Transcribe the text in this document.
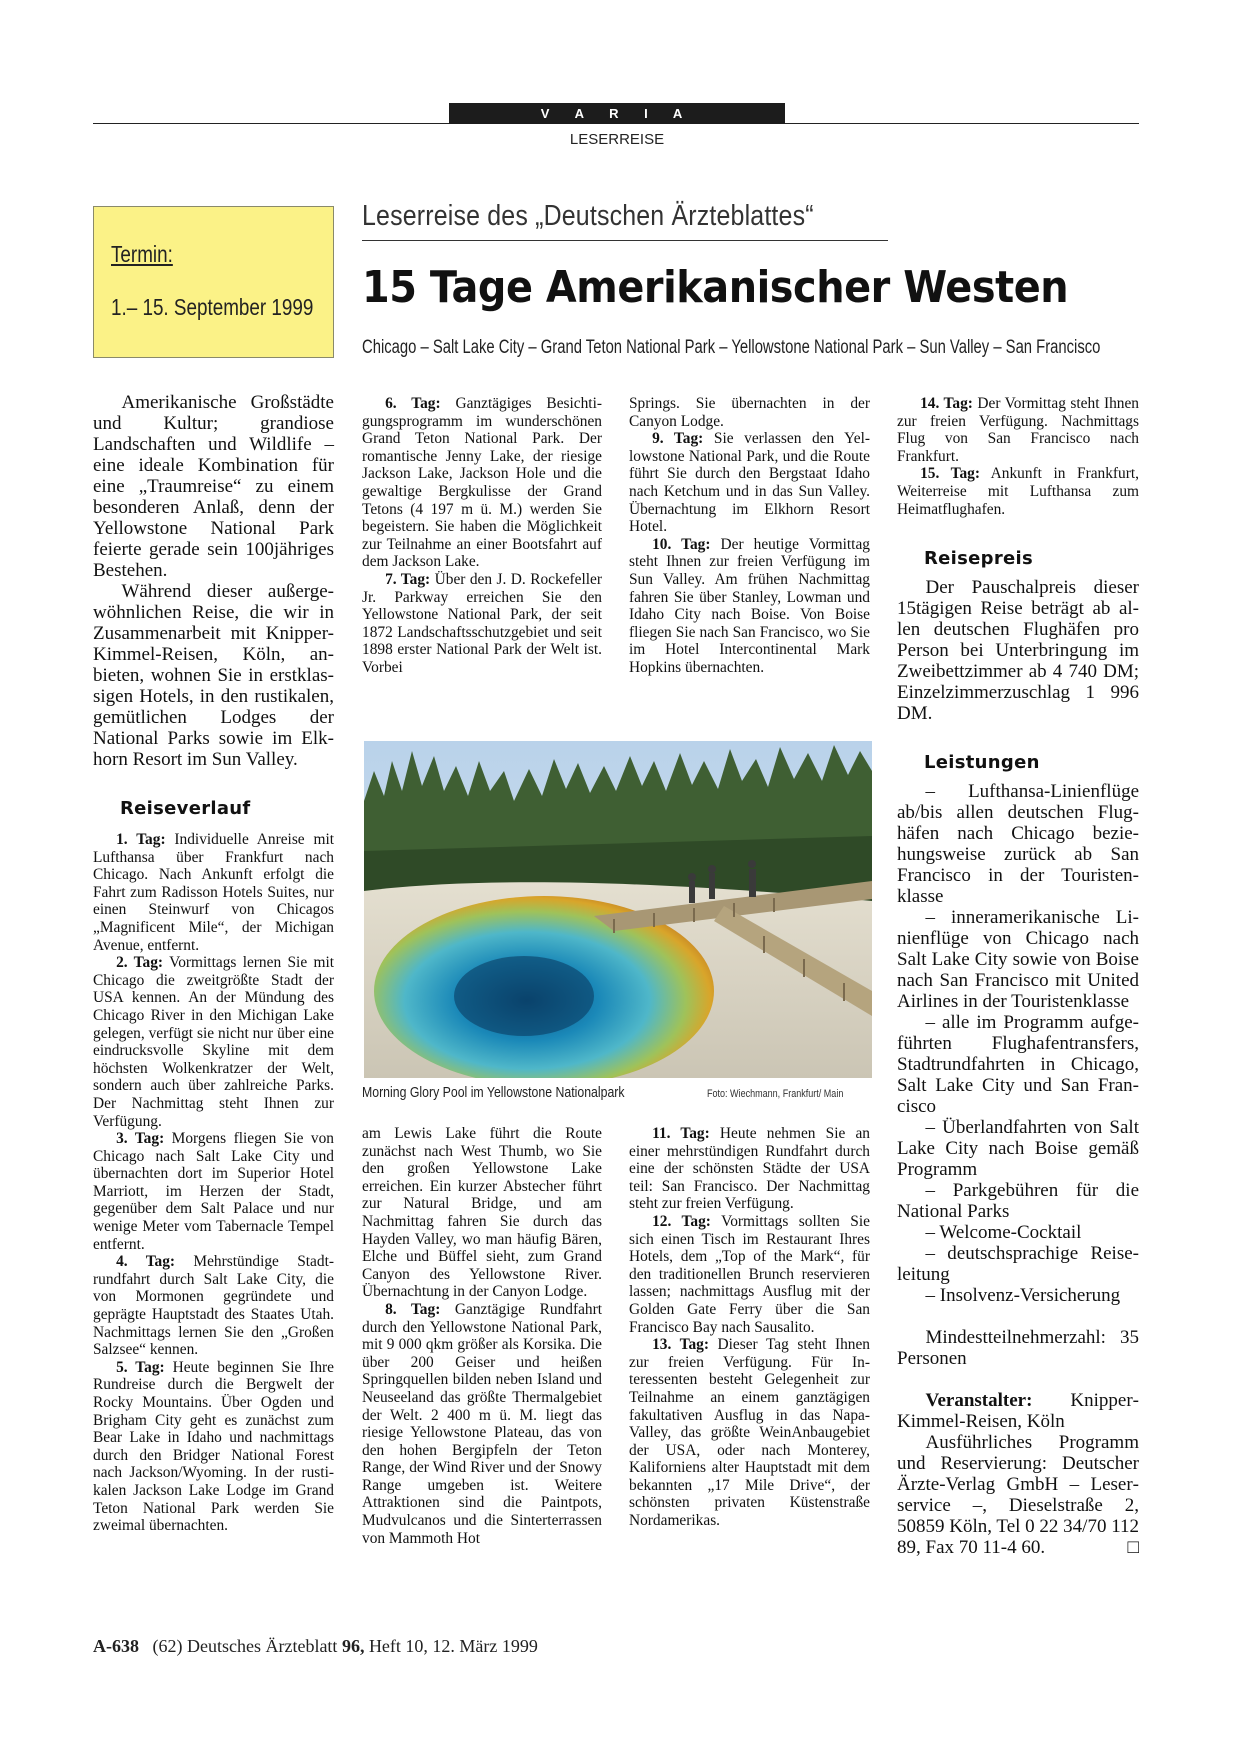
V A R I A
LESERREISE
Termin:
1.– 15. September 1999
Leserreise des „Deutschen Ärzteblattes“
15 Tage Amerikanischer Westen
Chicago – Salt Lake City – Grand Teton National Park – Yellowstone National Park – Sun Valley – San Francisco

Amerikanische Großstädte und Kultur; grandiose Landschaften und Wildlife – eine ideale Kombination für eine „Traumreise“ zu einem besonderen Anlaß, denn der Yellowstone National Park feierte gerade sein 100jähriges Bestehen.

Während dieser außergewöhnlichen Reise, die wir in Zusammenarbeit mit Knipper-Kimmel-Reisen, Köln, anbieten, wohnen Sie in erstklassigen Hotels, in den rustikalen, gemütlichen Lodges der National Parks sowie im Elkhorn Resort im Sun Valley.

Reiseverlauf

1. Tag: Individuelle Anreise mit Lufthansa über Frankfurt nach Chicago. Nach Ankunft erfolgt die Fahrt zum Radisson Hotels Suites, nur einen Steinwurf von Chicagos „Magnificent Mile“, der Michigan Avenue, entfernt.

2. Tag: Vormittags lernen Sie mit Chicago die zweitgrößte Stadt der USA kennen. An der Mündung des Chicago River in den Michigan Lake gelegen, verfügt sie nicht nur über eine eindrucksvolle Skyline mit dem höchsten Wolkenkratzer der Welt, sondern auch über zahlreiche Parks. Der Nachmittag steht Ihnen zur Verfügung.

3. Tag: Morgens fliegen Sie von Chicago nach Salt Lake City und übernachten dort im Superior Hotel Marriott, im Herzen der Stadt, gegenüber dem Salt Palace und nur wenige Meter vom Tabernacle Tempel entfernt.

4. Tag: Mehrstündige Stadtrundfahrt durch Salt Lake City, die von Mormonen gegründete und geprägte Hauptstadt des Staates Utah. Nachmittags lernen Sie den „Großen Salzsee“ kennen.

5. Tag: Heute beginnen Sie Ihre Rundreise durch die Bergwelt der Rocky Mountains. Über Ogden und Brigham City geht es zunächst zum Bear Lake in Idaho und nachmittags durch den Bridger National Forest nach Jackson/Wyoming. In der rustikalen Jackson Lake Lodge im Grand Teton National Park werden Sie zweimal übernachten.

6. Tag: Ganztägiges Besichtigungsprogramm im wunderschönen Grand Teton National Park. Der romantische Jenny Lake, der riesige Jackson Lake, Jackson Hole und die gewaltige Bergkulisse der Grand Tetons (4 197 m ü. M.) werden Sie begeistern. Sie haben die Möglichkeit zur Teilnahme an einer Bootsfahrt auf dem Jackson Lake.

7. Tag: Über den J. D. Rockefeller Jr. Parkway erreichen Sie den Yellowstone National Park, der seit 1872 Landschaftsschutzgebiet und seit 1898 erster National Park der Welt ist. Vorbei

Springs. Sie übernachten in der Canyon Lodge.

9. Tag: Sie verlassen den Yellowstone National Park, und die Route führt Sie durch den Bergstaat Idaho nach Ketchum und in das Sun Valley. Übernachtung im Elkhorn Resort Hotel.

10. Tag: Der heutige Vormittag steht Ihnen zur freien Verfügung im Sun Valley. Am frühen Nachmittag fahren Sie über Stanley, Lowman und Idaho City nach Boise. Von Boise fliegen Sie nach San Francisco, wo Sie im Hotel Intercontinental Mark Hopkins übernachten.

Morning Glory Pool im Yellowstone Nationalpark	Foto: Wiechmann, Frankfurt/ Main

am Lewis Lake führt die Route zunächst nach West Thumb, wo Sie den großen Yellowstone Lake erreichen. Ein kurzer Abstecher führt zur Natural Bridge, und am Nachmittag fahren Sie durch das Hayden Valley, wo man häufig Bären, Elche und Büffel sieht, zum Grand Canyon des Yellowstone River. Übernachtung in der Canyon Lodge.

8. Tag: Ganztägige Rundfahrt durch den Yellowstone National Park, mit 9 000 qkm größer als Korsika. Die über 200 Geiser und heißen Springquellen bilden neben Island und Neuseeland das größte Thermalgebiet der Welt. 2 400 m ü. M. liegt das riesige Yellowstone Plateau, das von den hohen Bergipfeln der Teton Range, der Wind River und der Snowy Range umgeben ist. Weitere Attraktionen sind die Paintpots, Mudvulcanos und die Sinterterrassen von Mammoth Hot

11. Tag: Heute nehmen Sie an einer mehrstündigen Rundfahrt durch eine der schönsten Städte der USA teil: San Francisco. Der Nachmittag steht zur freien Verfügung.

12. Tag: Vormittags sollten Sie sich einen Tisch im Restaurant Ihres Hotels, dem „Top of the Mark“, für den traditionellen Brunch reservieren lassen; nachmittags Ausflug mit der Golden Gate Ferry über die San Francisco Bay nach Sausalito.

13. Tag: Dieser Tag steht Ihnen zur freien Verfügung. Für Interessenten besteht Gelegenheit zur Teilnahme an einem ganztägigen fakultativen Ausflug in das Napa-Valley, das größte WeinAnbaugebiet der USA, oder nach Monterey, Kaliforniens alter Hauptstadt mit dem bekannten „17 Mile Drive“, der schönsten privaten Küstenstraße Nordamerikas.

14. Tag: Der Vormittag steht Ihnen zur freien Verfügung. Nachmittags Flug von San Francisco nach Frankfurt.

15. Tag: Ankunft in Frankfurt, Weiterreise mit Lufthansa zum Heimatflughafen.

Reisepreis

Der Pauschalpreis dieser 15tägigen Reise beträgt ab allen deutschen Flughäfen pro Person bei Unterbringung im Zweibettzimmer ab 4 740 DM; Einzelzimmerzuschlag 1 996 DM.

Leistungen

– Lufthansa-Linienflüge ab/bis allen deutschen Flughäfen nach Chicago beziehungsweise zurück ab San Francisco in der Touristenklasse

– inneramerikanische Linienflüge von Chicago nach Salt Lake City sowie von Boise nach San Francisco mit United Airlines in der Touristenklasse

– alle im Programm aufgeführten Flughafentransfers, Stadtrundfahrten in Chicago, Salt Lake City und San Francisco

– Überlandfahrten von Salt Lake City nach Boise gemäß Programm

– Parkgebühren für die National Parks

– Welcome-Cocktail

– deutschsprachige Reiseleitung

– Insolvenz-Versicherung

Mindestteilnehmerzahl: 35 Personen

Veranstalter: KnipperKimmel-Reisen, Köln

Ausführliches Programm und Reservierung: Deutscher Ärzte-Verlag GmbH – Leserservice –, Dieselstraße 2, 50859 Köln, Tel 0 22 34/70 112 89, Fax 70 11-4 60.	□

A-638 (62) Deutsches Ärzteblatt 96, Heft 10, 12. März 1999
